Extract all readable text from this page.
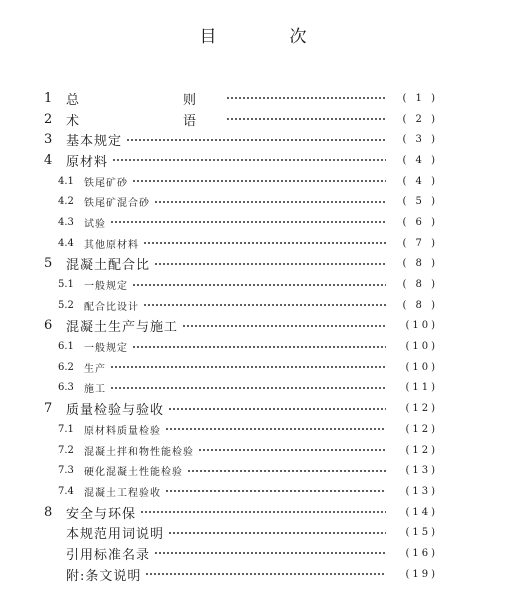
目　次
1	总　　则	( 1 )
2	术　　语	( 2 )
3	基本规定	( 3 )
4	原材料	( 4 )
4.1	铁尾矿砂	( 4 )
4.2	铁尾矿混合砂	( 5 )
4.3	试验	( 6 )
4.4	其他原材料	( 7 )
5	混凝土配合比	( 8 )
5.1	一般规定	( 8 )
5.2	配合比设计	( 8 )
6	混凝土生产与施工	(10)
6.1	一般规定	(10)
6.2	生产	(10)
6.3	施工	(11)
7	质量检验与验收	(12)
7.1	原材料质量检验	(12)
7.2	混凝土拌和物性能检验	(12)
7.3	硬化混凝土性能检验	(13)
7.4	混凝土工程验收	(13)
8	安全与环保	(14)
本规范用词说明	(15)
引用标准名录	(16)
附:条文说明	(19)
